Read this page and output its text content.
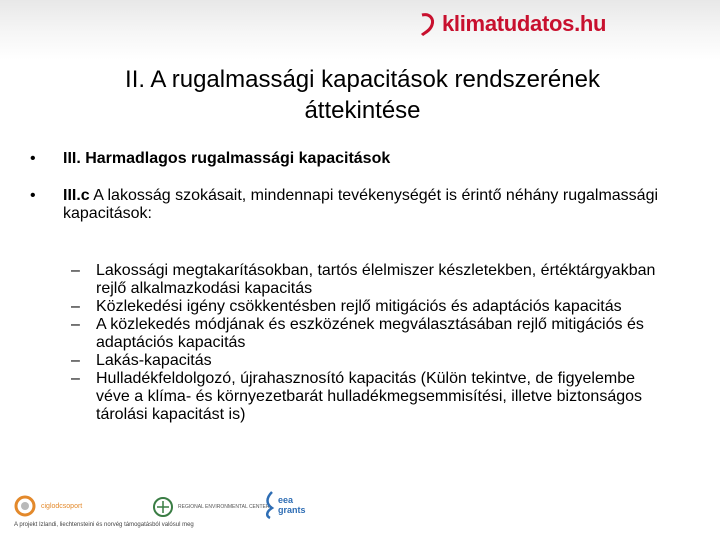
klimatudatos.hu
II. A rugalmassági kapacitások rendszerének
áttekintése
•	III. Harmadlagos rugalmassági kapacitások
•	III.c A lakosság szokásait, mindennapi tevékenységét is érintő néhány rugalmassági kapacitások:
– Lakossági megtakarításokban, tartós élelmiszer készletekben, értéktárgyakban rejlő alkalmazkodási kapacitás
– Közlekedési igény csökkentésben rejlő mitigációs és adaptációs kapacitás
– A közlekedés módjának és eszközének megválasztásában rejlő mitigációs és adaptációs kapacitás
– Lakás-kapacitás
– Hulladékfeldolgozó, újrahasznosító kapacitás (Külön tekintve, de figyelembe véve a klíma- és környezetbarát hulladékmegsemmisítési, illetve biztonságos tárolási kapacitást is)
ciglodcsoport	REGIONAL ENVIRONMENTAL CENTER
eea
grants
A projekt Izlandi, liechtensteini és norvég támogatásból valósul meg
